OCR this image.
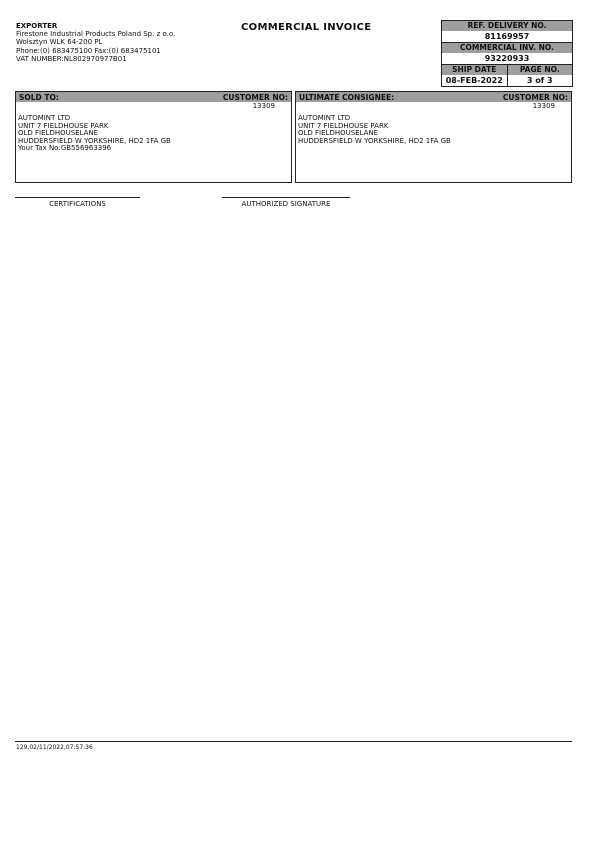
EXPORTER
Firestone Industrial Products Poland Sp. z o.o.
Wolsztyn WLK 64-200 PL
Phone:(0) 683475100 Fax:(0) 683475101
VAT NUMBER:NL802970977B01
COMMERCIAL INVOICE	REF. DELIVERY NO.
81169957
COMMERCIAL INV. NO.
93220933
SHIP DATE	PAGE NO.
08-FEB-2022	3 of 3
SOLD TO:	CUSTOMER NO:
13309
AUTOMINT LTD
UNIT 7 FIELDHOUSE PARK
OLD FIELDHOUSELANE
HUDDERSFIELD W YORKSHIRE, HD2 1FA GB
Your Tax No:GB556963396
ULTIMATE CONSIGNEE:	CUSTOMER NO:
13309
AUTOMINT LTD
UNIT 7 FIELDHOUSE PARK
OLD FIELDHOUSELANE
HUDDERSFIELD W YORKSHIRE, HD2 1FA GB
CERTIFICATIONS	AUTHORIZED SIGNATURE
129,02/11/2022,07:57:36
